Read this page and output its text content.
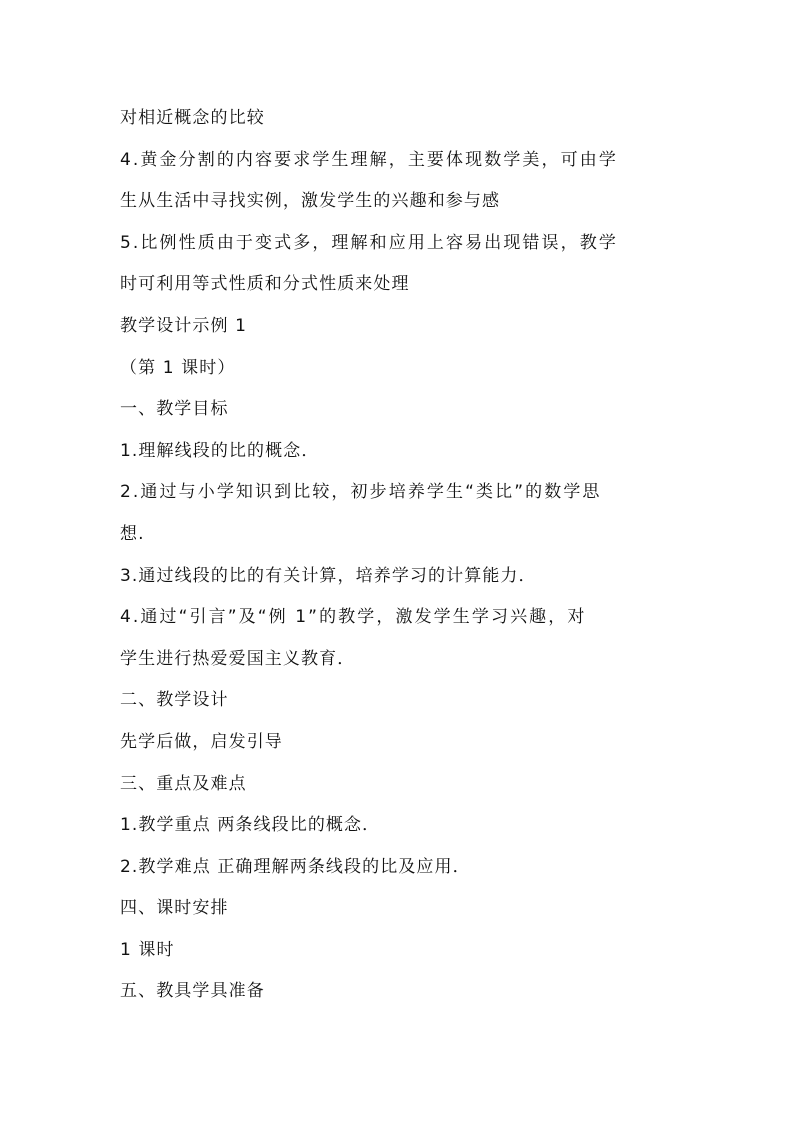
对相近概念的比较
4.黄金分割的内容要求学生理解，主要体现数学美，可由学
生从生活中寻找实例，激发学生的兴趣和参与感
5.比例性质由于变式多，理解和应用上容易出现错误，教学
时可利用等式性质和分式性质来处理
教学设计示例 1
（第 1 课时）
一、教学目标
1.理解线段的比的概念．
2.通过与小学知识到比较，初步培养学生“类比”的数学思
想.
3.通过线段的比的有关计算，培养学习的计算能力．
4.通过“引言”及“例 1”的教学，激发学生学习兴趣，对
学生进行热爱爱国主义教育．
二、教学设计
先学后做，启发引导
三、重点及难点
1.教学重点 两条线段比的概念．
2.教学难点 正确理解两条线段的比及应用．
四、课时安排
1 课时
五、教具学具准备
